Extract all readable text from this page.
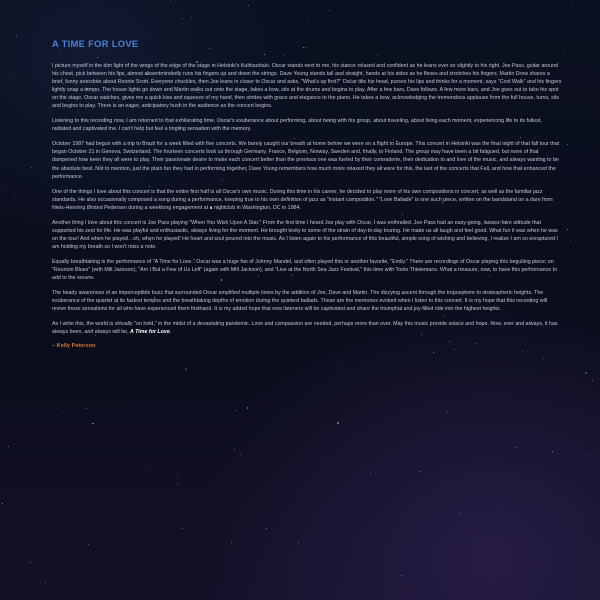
A TIME FOR LOVE

I picture myself in the dim light of the wings of the edge of the stage in Helsinki's Kulttuuritalo. Oscar stands next to me, his stance relaxed and confident as he leans ever so slightly to his right. Joe Pass, guitar around his chest, pick between his lips, almost absentmindedly runs his fingers up and down the strings. Dave Young stands tall and straight, hands at his sides as he flexes and stretches his fingers. Martin Drew shares a brief, funny anecdote about Ronnie Scott. Everyone chuckles, then Joe leans in closer to Oscar and asks, "What's up first?" Oscar tilts his head, purses his lips and thinks for a moment, says "Cool Walk" and his fingers lightly snap a tempo. The house lights go down and Martin walks out onto the stage, takes a bow, sits at the drums and begins to play. After a few bars, Dave follows. A few more bars, and Joe goes out to take his spot on the stage. Oscar watches, gives me a quick kiss and squeeze of my hand, then strides with grace and elegance to the piano. He takes a bow, acknowledging the tremendous applause from the full house, turns, sits and begins to play. There is an eager, anticipatory hush in the audience as the concert begins.

Listening to this recording now, I am returned to that exhilarating time. Oscar's exuberance about performing, about being with his group, about traveling, about living each moment, experiencing life to its fullest, radiated and captivated me. I can't help but feel a tingling sensation with the memory.

October 1987 had begun with a trip to Brazil for a week filled with five concerts. We barely caught our breath at home before we were on a flight to Europe. This concert in Helsinki was the final night of that fall tour that began October 21 in Geneva, Switzerland. The fourteen concerts took us through Germany, France, Belgium, Norway, Sweden and, finally, to Finland. The group may have been a bit fatigued, but none of that dampened how keen they all were to play. Their passionate desire to make each concert better than the previous one was fueled by their comraderie, their dedication to and love of the music, and always wanting to be the absolute best. Not to mention, just the plain fun they had in performing together. Dave Young remembers how much more relaxed they all were for this, the last of the concerts that Fall, and how that enhanced the performance.

One of the things I love about this concert is that the entire first half is all Oscar's own music. During this time in his career, he decided to play more of his own compositions in concert, as well as the familiar jazz standards. He also occasionally composed a song during a performance, keeping true to his own definition of jazz as "instant composition." "Love Ballade" is one such piece, written on the bandstand on a dare from Niels-Henning Ørsted Pedersen during a weeklong engagement at a nightclub in Washington, DC in 1984.

Another thing I love about this concert is Joe Pass playing "When You Wish Upon A Star." From the first time I heard Joe play with Oscar, I was enthralled. Joe Pass had an easy-going, laissez-faire attitude that supported his zest for life. He was playful and enthusiastic, always living for the moment. He brought levity to some of the strain of day-to-day touring. He made us all laugh and feel good. What fun it was when he was on the tour! And when he played…oh, when he played! He heart and soul poured into the music. As I listen again to his performance of this beautiful, simple song of wishing and believing, I realize I am so enraptured I am holding my breath so I won't miss a note.

Equally breathtaking is the performance of "A Time for Love." Oscar was a huge fan of Johnny Mandel, and often played this or another favorite, "Emily." There are recordings of Oscar playing this beguiling piece; on "Reunion Blues" (with Milt Jackson), "Am I But a Few of Us Left" (again with Milt Jackson), and "Live at the North Sea Jazz Festival," this time with Toots Thielemans. What a treasure, now, to have this performance to add to the oeuvre.

The heady awareness of an imperceptible buzz that surrounded Oscar amplified multiple times by the addition of Joe, Dave and Martin. The dizzying ascent through the troposphere to stratospheric heights. The exuberance of the quartet at its fastest tempos and the breathtaking depths of emotion during the quietest ballads. Those are the memories evoked when I listen to this concert. It is my hope that this recording will revive those sensations for all who have experienced them firsthand. It is my added hope that new listeners will be captivated and share the triumphal and joy-filled ride into the highest heights.

As I write this, the world is virtually "on hold," in the midst of a devastating pandemic. Love and compassion are needed, perhaps more than ever. May this music provide solace and hope. Now, ever and always, it has always been, and always will be, A Time for Love.

– Kelly Peterson
